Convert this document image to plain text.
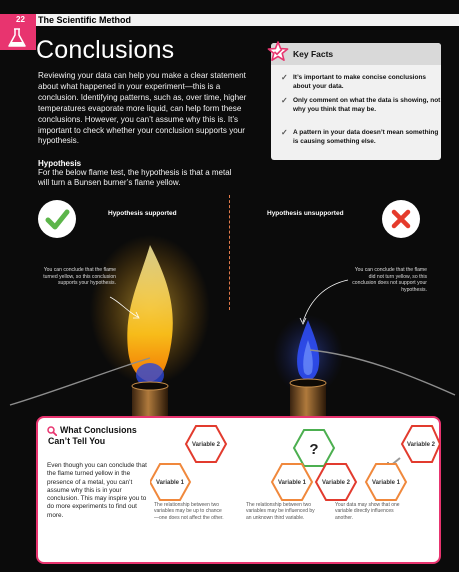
22 The Scientific Method
Conclusions
Reviewing your data can help you make a clear statement about what happened in your experiment—this is a conclusion. Identifying patterns, such as, over time, higher temperatures evaporate more liquid, can help form these conclusions. However, you can’t assume why this is. It’s important to check whether your conclusion supports your hypothesis.
Hypothesis
For the below flame test, the hypothesis is that a metal will turn a Bunsen burner’s flame yellow.
Key Facts
✓ It’s important to make concise conclusions about your data.
✓ Only comment on what the data is showing, not why you think that may be.
✓ A pattern in your data doesn’t mean something is causing something else.
Hypothesis supported	Hypothesis unsupported
You can conclude that the flame turned yellow, so this conclusion supports your hypothesis.
You can conclude that the flame did not turn yellow, so this conclusion does not support your hypothesis.
What Conclusions Can’t Tell You
Even though you can conclude that the flame turned yellow in the presence of a metal, you can’t assume why this is in your conclusion. This may inspire you to do more experiments to find out more.
Variable 2
Variable 1
?
Variable 1	Variable 2
Variable 2
Variable 1
The relationship between two variables may be up to chance—one does not affect the other.
The relationship between two variables may be influenced by an unknown third variable.
Your data may show that one variable directly influences another.
